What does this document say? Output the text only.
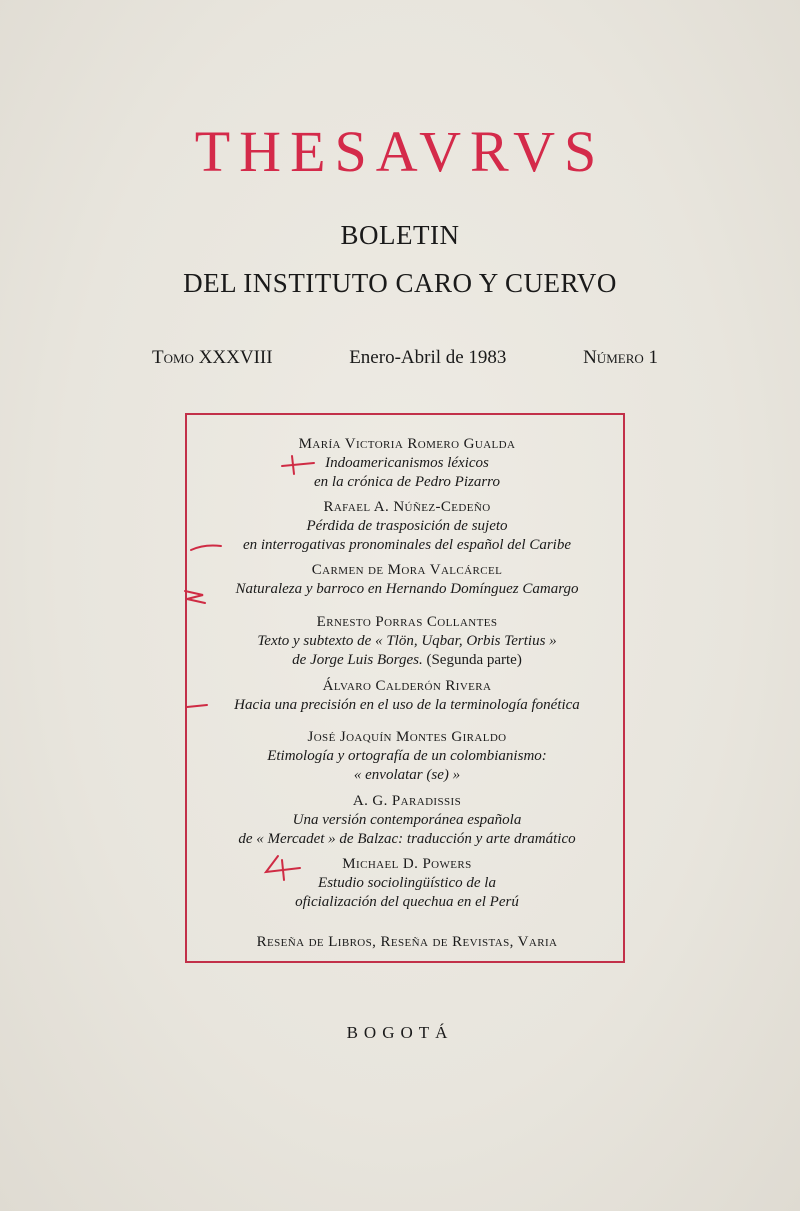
THESAVRVS
BOLETIN
DEL INSTITUTO CARO Y CUERVO
Tomo XXXVIII	Enero-Abril de 1983	Número 1
María Victoria Romero Gualda
Indoamericanismos léxicos
en la crónica de Pedro Pizarro
Rafael A. Núñez-Cedeño
Pérdida de trasposición de sujeto
en interrogativas pronominales del español del Caribe
Carmen de Mora Valcárcel
Naturaleza y barroco en Hernando Domínguez Camargo
Ernesto Porras Collantes
Texto y subtexto de « Tlön, Uqbar, Orbis Tertius »
de Jorge Luis Borges. (Segunda parte)
Álvaro Calderón Rivera
Hacia una precisión en el uso de la terminología fonética
José Joaquín Montes Giraldo
Etimología y ortografía de un colombianismo:
« envolatar (se) »
A. G. Paradissis
Una versión contemporánea española
de « Mercadet » de Balzac: traducción y arte dramático
Michael D. Powers
Estudio sociolingüístico de la
oficialización del quechua en el Perú
Reseña de Libros, Reseña de Revistas, Varia
BOGOTÁ
